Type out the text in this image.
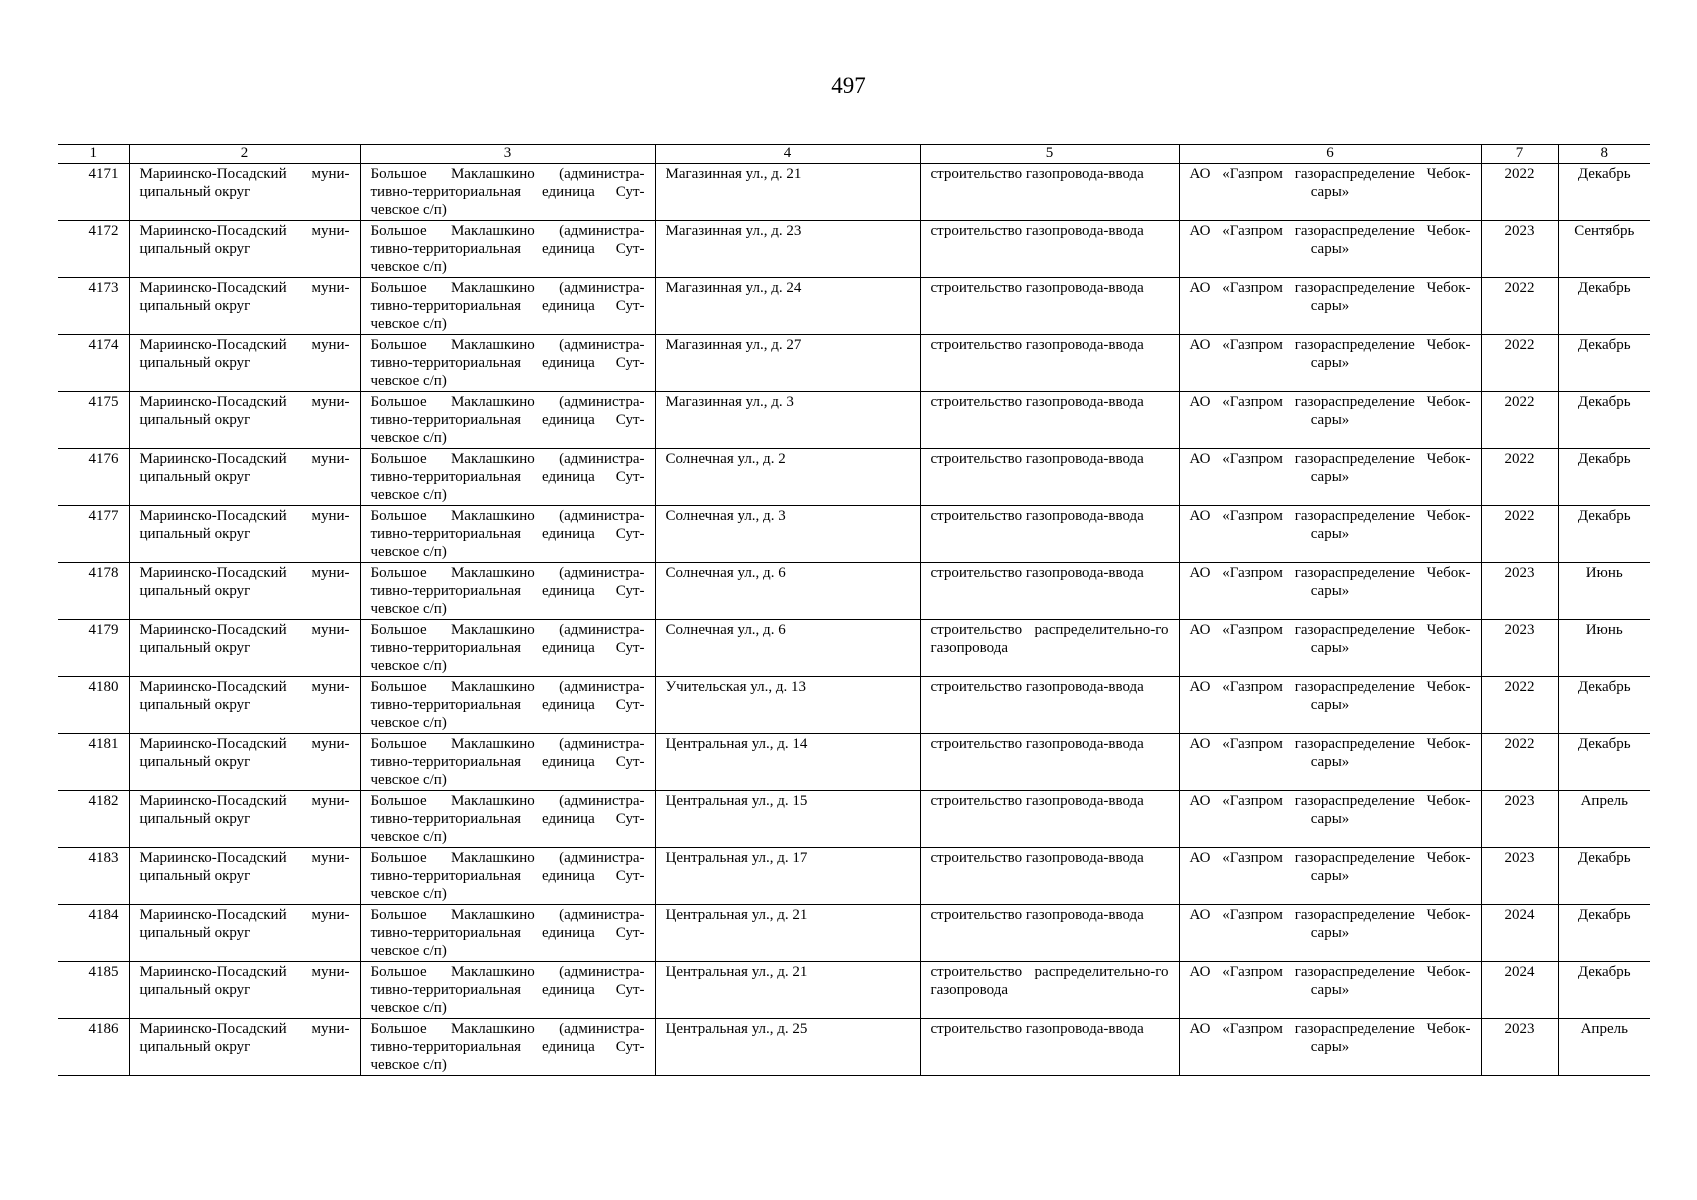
497
1	2	3	4	5	6	7	8
4171	Мариинско-Посадский муни-ципальный округ	Большое Маклашкино (администра-тивно-территориальная единица Сут-чевское с/п)	Магазинная ул., д. 21	строительство газопровода-ввода	АО «Газпром газораспределение Чебок-сары»	2022	Декабрь
4172	Мариинско-Посадский муни-ципальный округ	Большое Маклашкино (администра-тивно-территориальная единица Сут-чевское с/п)	Магазинная ул., д. 23	строительство газопровода-ввода	АО «Газпром газораспределение Чебок-сары»	2023	Сентябрь
4173	Мариинско-Посадский муни-ципальный округ	Большое Маклашкино (администра-тивно-территориальная единица Сут-чевское с/п)	Магазинная ул., д. 24	строительство газопровода-ввода	АО «Газпром газораспределение Чебок-сары»	2022	Декабрь
4174	Мариинско-Посадский муни-ципальный округ	Большое Маклашкино (администра-тивно-территориальная единица Сут-чевское с/п)	Магазинная ул., д. 27	строительство газопровода-ввода	АО «Газпром газораспределение Чебок-сары»	2022	Декабрь
4175	Мариинско-Посадский муни-ципальный округ	Большое Маклашкино (администра-тивно-территориальная единица Сут-чевское с/п)	Магазинная ул., д. 3	строительство газопровода-ввода	АО «Газпром газораспределение Чебок-сары»	2022	Декабрь
4176	Мариинско-Посадский муни-ципальный округ	Большое Маклашкино (администра-тивно-территориальная единица Сут-чевское с/п)	Солнечная ул., д. 2	строительство газопровода-ввода	АО «Газпром газораспределение Чебок-сары»	2022	Декабрь
4177	Мариинско-Посадский муни-ципальный округ	Большое Маклашкино (администра-тивно-территориальная единица Сут-чевское с/п)	Солнечная ул., д. 3	строительство газопровода-ввода	АО «Газпром газораспределение Чебок-сары»	2022	Декабрь
4178	Мариинско-Посадский муни-ципальный округ	Большое Маклашкино (администра-тивно-территориальная единица Сут-чевское с/п)	Солнечная ул., д. 6	строительство газопровода-ввода	АО «Газпром газораспределение Чебок-сары»	2023	Июнь
4179	Мариинско-Посадский муни-ципальный округ	Большое Маклашкино (администра-тивно-территориальная единица Сут-чевское с/п)	Солнечная ул., д. 6	строительство распределительно-го газопровода	АО «Газпром газораспределение Чебок-сары»	2023	Июнь
4180	Мариинско-Посадский муни-ципальный округ	Большое Маклашкино (администра-тивно-территориальная единица Сут-чевское с/п)	Учительская ул., д. 13	строительство газопровода-ввода	АО «Газпром газораспределение Чебок-сары»	2022	Декабрь
4181	Мариинско-Посадский муни-ципальный округ	Большое Маклашкино (администра-тивно-территориальная единица Сут-чевское с/п)	Центральная ул., д. 14	строительство газопровода-ввода	АО «Газпром газораспределение Чебок-сары»	2022	Декабрь
4182	Мариинско-Посадский муни-ципальный округ	Большое Маклашкино (администра-тивно-территориальная единица Сут-чевское с/п)	Центральная ул., д. 15	строительство газопровода-ввода	АО «Газпром газораспределение Чебок-сары»	2023	Апрель
4183	Мариинско-Посадский муни-ципальный округ	Большое Маклашкино (администра-тивно-территориальная единица Сут-чевское с/п)	Центральная ул., д. 17	строительство газопровода-ввода	АО «Газпром газораспределение Чебок-сары»	2023	Декабрь
4184	Мариинско-Посадский муни-ципальный округ	Большое Маклашкино (администра-тивно-территориальная единица Сут-чевское с/п)	Центральная ул., д. 21	строительство газопровода-ввода	АО «Газпром газораспределение Чебок-сары»	2024	Декабрь
4185	Мариинско-Посадский муни-ципальный округ	Большое Маклашкино (администра-тивно-территориальная единица Сут-чевское с/п)	Центральная ул., д. 21	строительство распределительно-го газопровода	АО «Газпром газораспределение Чебок-сары»	2024	Декабрь
4186	Мариинско-Посадский муни-ципальный округ	Большое Маклашкино (администра-тивно-территориальная единица Сут-чевское с/п)	Центральная ул., д. 25	строительство газопровода-ввода	АО «Газпром газораспределение Чебок-сары»	2023	Апрель
